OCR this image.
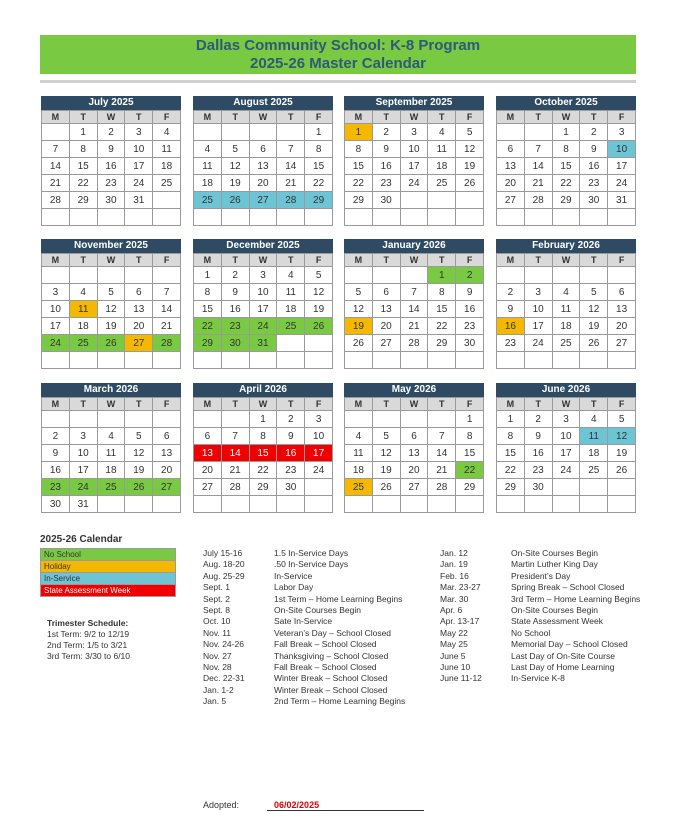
Dallas Community School: K-8 Program
2025-26 Master Calendar
July 2025
M	T	W	T	F
	1	2	3	4
7	8	9	10	11
14	15	16	17	18
21	22	23	24	25
28	29	30	31	

August 2025
M	T	W	T	F
				1
4	5	6	7	8
11	12	13	14	15
18	19	20	21	22
25	26	27	28	29

September 2025
M	T	W	T	F
1	2	3	4	5
8	9	10	11	12
15	16	17	18	19
22	23	24	25	26
29	30			

October 2025
M	T	W	T	F
		1	2	3
6	7	8	9	10
13	14	15	16	17
20	21	22	23	24
27	28	29	30	31

November 2025
M	T	W	T	F

3	4	5	6	7
10	11	12	13	14
17	18	19	20	21
24	25	26	27	28

December 2025
M	T	W	T	F
1	2	3	4	5
8	9	10	11	12
15	16	17	18	19
22	23	24	25	26
29	30	31		

January 2026
M	T	W	T	F
			1	2
5	6	7	8	9
12	13	14	15	16
19	20	21	22	23
26	27	28	29	30

February 2026
M	T	W	T	F

2	3	4	5	6
9	10	11	12	13
16	17	18	19	20
23	24	25	26	27

March 2026
M	T	W	T	F

2	3	4	5	6
9	10	11	12	13
16	17	18	19	20
23	24	25	26	27
30	31			
April 2026
M	T	W	T	F
		1	2	3
6	7	8	9	10
13	14	15	16	17
20	21	22	23	24
27	28	29	30	

May 2026
M	T	W	T	F
				1
4	5	6	7	8
11	12	13	14	15
18	19	20	21	22
25	26	27	28	29

June 2026
M	T	W	T	F
1	2	3	4	5
8	9	10	11	12
15	16	17	18	19
22	23	24	25	26
29	30			

2025-26 Calendar
No School
Holiday
In-Service
State Assessment Week
Trimester Schedule:
1st Term: 9/2 to 12/19
2nd Term: 1/5 to 3/21
3rd Term: 3/30 to 6/10
July 15-16	1.5 In-Service Days
Aug. 18-20	.50 In-Service Days
Aug. 25-29	In-Service
Sept. 1	Labor Day
Sept. 2	1st Term – Home Learning Begins
Sept. 8	On-Site Courses Begin
Oct. 10	Sate In-Service
Nov. 11	Veteran’s Day – School Closed
Nov. 24-26	Fall Break – School Closed
Nov. 27	Thanksgiving – School Closed
Nov. 28	Fall Break – School Closed
Dec. 22-31	Winter Break – School Closed
Jan. 1-2	Winter Break – School Closed
Jan. 5	2nd Term – Home Learning Begins
Jan. 12	On-Site Courses Begin
Jan. 19	Martin Luther King Day
Feb. 16	President’s Day
Mar. 23-27	Spring Break – School Closed
Mar. 30	3rd Term – Home Learning Begins
Apr. 6	On-Site Courses Begin
Apr. 13-17	State Assessment Week
May 22	No School
May 25	Memorial Day – School Closed
June 5	Last Day of On-Site Course
June 10	Last Day of Home Learning
June 11-12	In-Service K-8
Adopted:	06/02/2025
